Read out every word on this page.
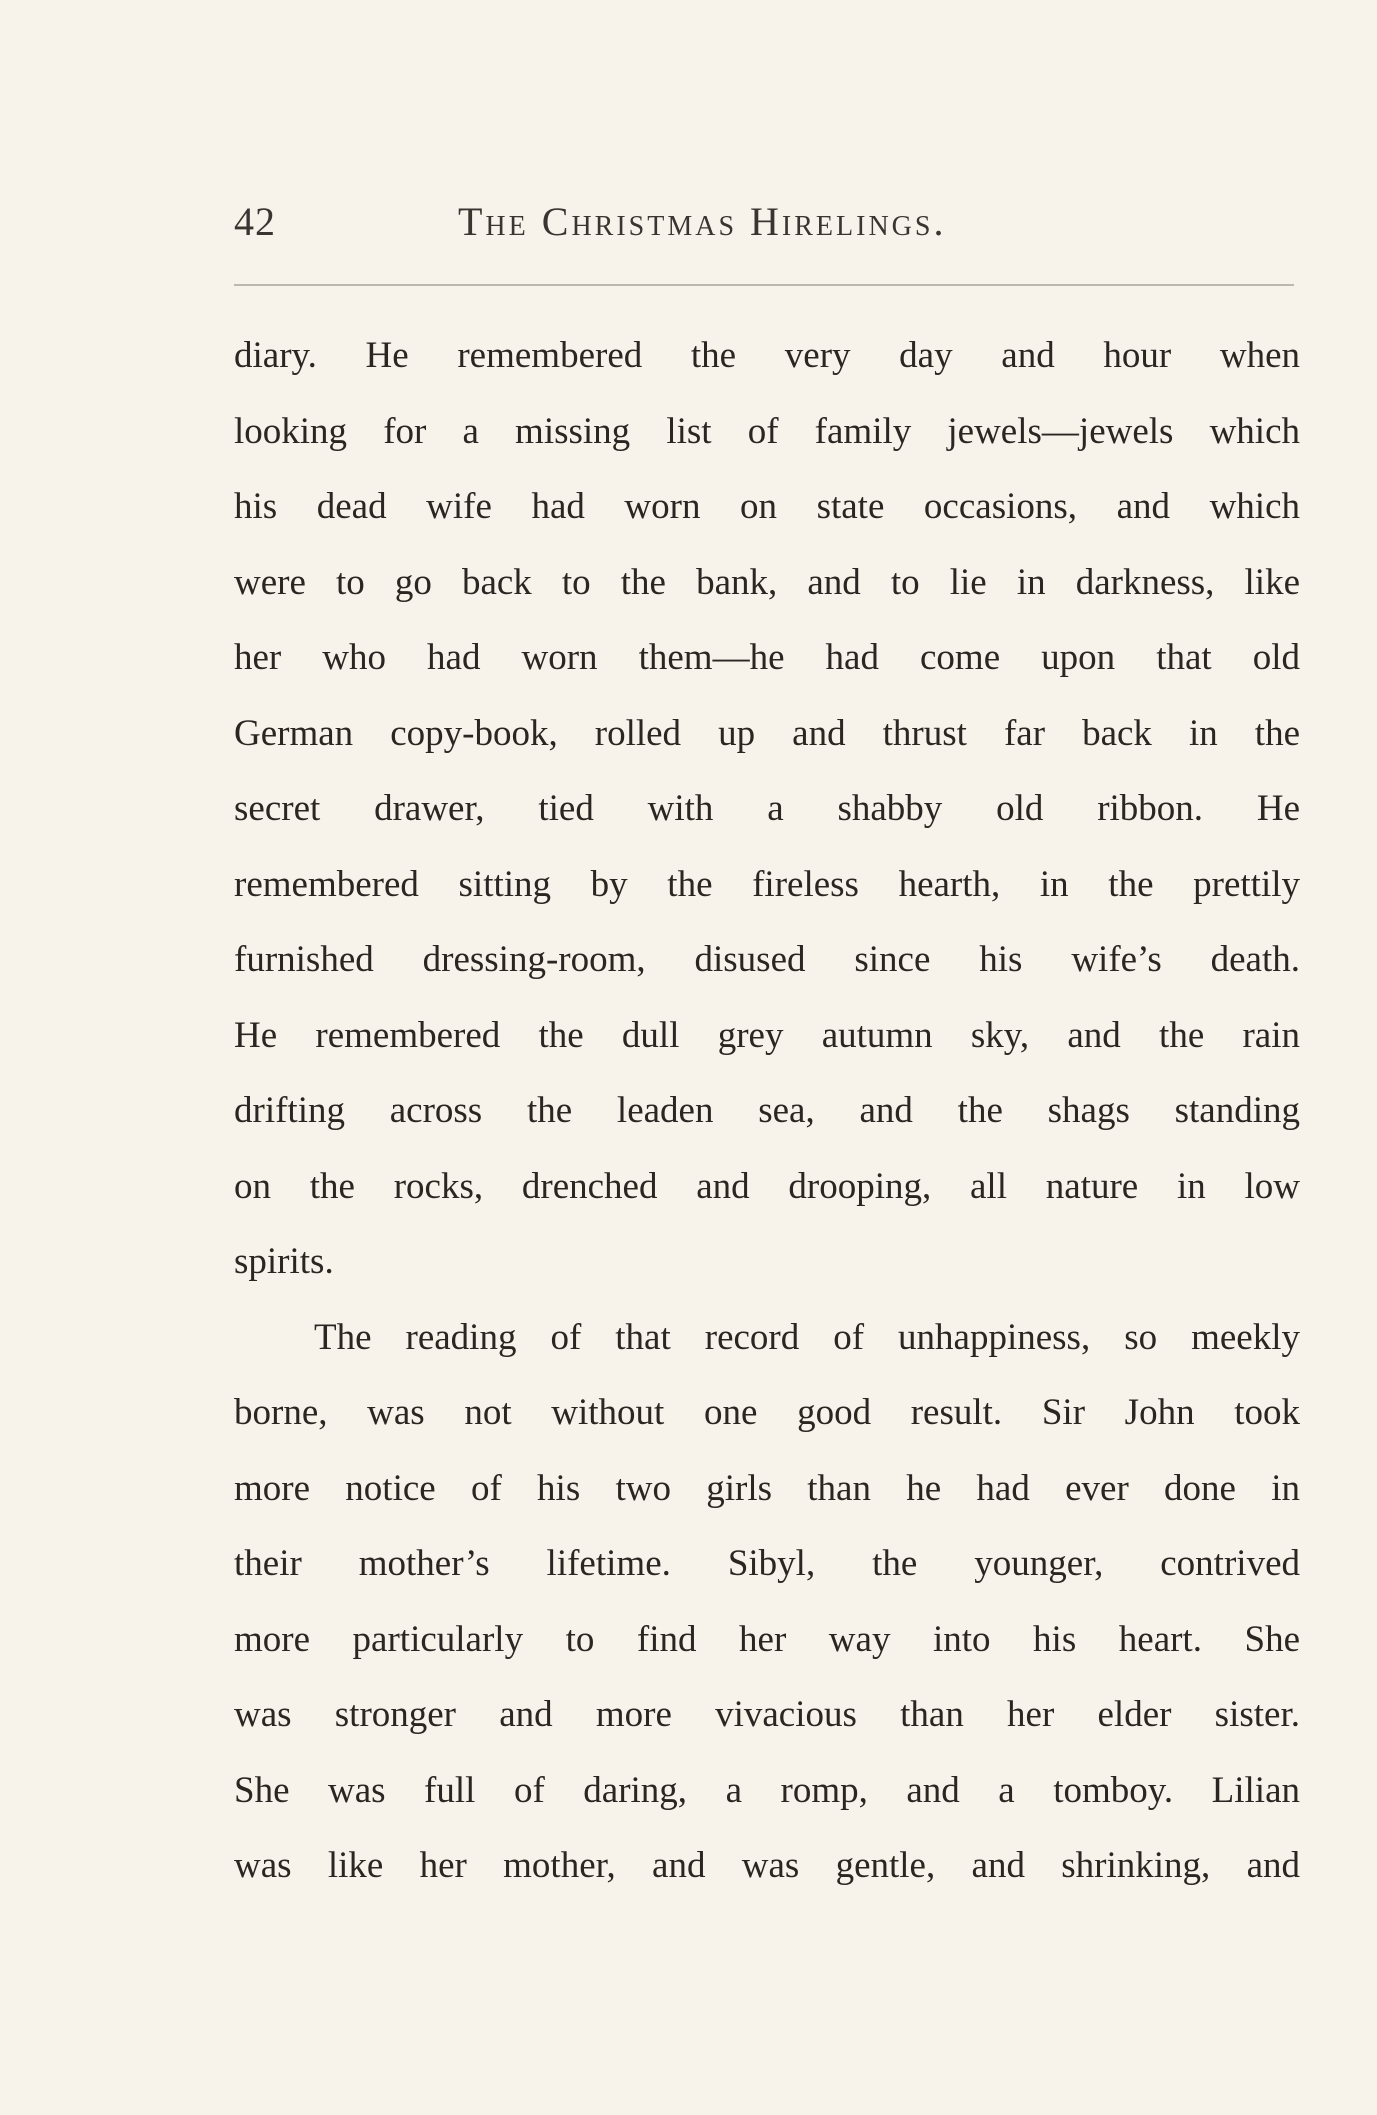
42	The Christmas Hirelings.
diary. He remembered the very day and hour when
looking for a missing list of family jewels—jewels which
his dead wife had worn on state occasions, and which
were to go back to the bank, and to lie in darkness, like
her who had worn them—he had come upon that old
German copy-book, rolled up and thrust far back in the
secret drawer, tied with a shabby old ribbon. He
remembered sitting by the fireless hearth, in the prettily
furnished dressing-room, disused since his wife’s death.
He remembered the dull grey autumn sky, and the rain
drifting across the leaden sea, and the shags standing
on the rocks, drenched and drooping, all nature in low
spirits.
The reading of that record of unhappiness, so meekly
borne, was not without one good result. Sir John took
more notice of his two girls than he had ever done in
their mother’s lifetime. Sibyl, the younger, contrived
more particularly to find her way into his heart. She
was stronger and more vivacious than her elder sister.
She was full of daring, a romp, and a tomboy. Lilian
was like her mother, and was gentle, and shrinking, and
